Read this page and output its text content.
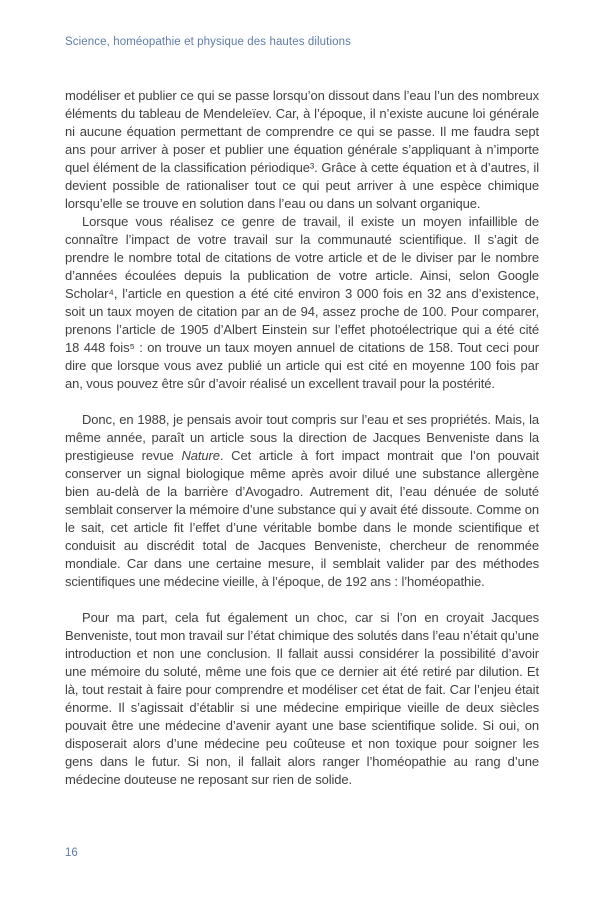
Science, homéopathie et physique des hautes dilutions

modéliser et publier ce qui se passe lorsqu’on dissout dans l’eau l’un des nombreux éléments du tableau de Mendeleïev. Car, à l’époque, il n’existe aucune loi générale ni aucune équation permettant de comprendre ce qui se passe. Il me faudra sept ans pour arriver à poser et publier une équation générale s’appliquant à n’importe quel élément de la classification périodique³. Grâce à cette équation et à d’autres, il devient possible de rationaliser tout ce qui peut arriver à une espèce chimique lorsqu’elle se trouve en solution dans l’eau ou dans un solvant organique.

Lorsque vous réalisez ce genre de travail, il existe un moyen infaillible de connaître l’impact de votre travail sur la communauté scientifique. Il s’agit de prendre le nombre total de citations de votre article et de le diviser par le nombre d’années écoulées depuis la publication de votre article. Ainsi, selon Google Scholar⁴, l’article en question a été cité environ 3 000 fois en 32 ans d’existence, soit un taux moyen de citation par an de 94, assez proche de 100. Pour comparer, prenons l’article de 1905 d’Albert Einstein sur l’effet photoélectrique qui a été cité 18 448 fois⁵ : on trouve un taux moyen annuel de citations de 158. Tout ceci pour dire que lorsque vous avez publié un article qui est cité en moyenne 100 fois par an, vous pouvez être sûr d’avoir réalisé un excellent travail pour la postérité.

Donc, en 1988, je pensais avoir tout compris sur l’eau et ses propriétés. Mais, la même année, paraît un article sous la direction de Jacques Benveniste dans la prestigieuse revue Nature. Cet article à fort impact montrait que l’on pouvait conserver un signal biologique même après avoir dilué une substance allergène bien au-delà de la barrière d’Avogadro. Autrement dit, l’eau dénuée de soluté semblait conserver la mémoire d’une substance qui y avait été dissoute. Comme on le sait, cet article fit l’effet d’une véritable bombe dans le monde scientifique et conduisit au discrédit total de Jacques Benveniste, chercheur de renommée mondiale. Car dans une certaine mesure, il semblait valider par des méthodes scientifiques une médecine vieille, à l’époque, de 192 ans : l’homéopathie.

Pour ma part, cela fut également un choc, car si l’on en croyait Jacques Benveniste, tout mon travail sur l’état chimique des solutés dans l’eau n’était qu’une introduction et non une conclusion. Il fallait aussi considérer la possibilité d’avoir une mémoire du soluté, même une fois que ce dernier ait été retiré par dilution. Et là, tout restait à faire pour comprendre et modéliser cet état de fait. Car l’enjeu était énorme. Il s’agissait d’établir si une médecine empirique vieille de deux siècles pouvait être une médecine d’avenir ayant une base scientifique solide. Si oui, on disposerait alors d’une médecine peu coûteuse et non toxique pour soigner les gens dans le futur. Si non, il fallait alors ranger l’homéopathie au rang d’une médecine douteuse ne reposant sur rien de solide.

16
